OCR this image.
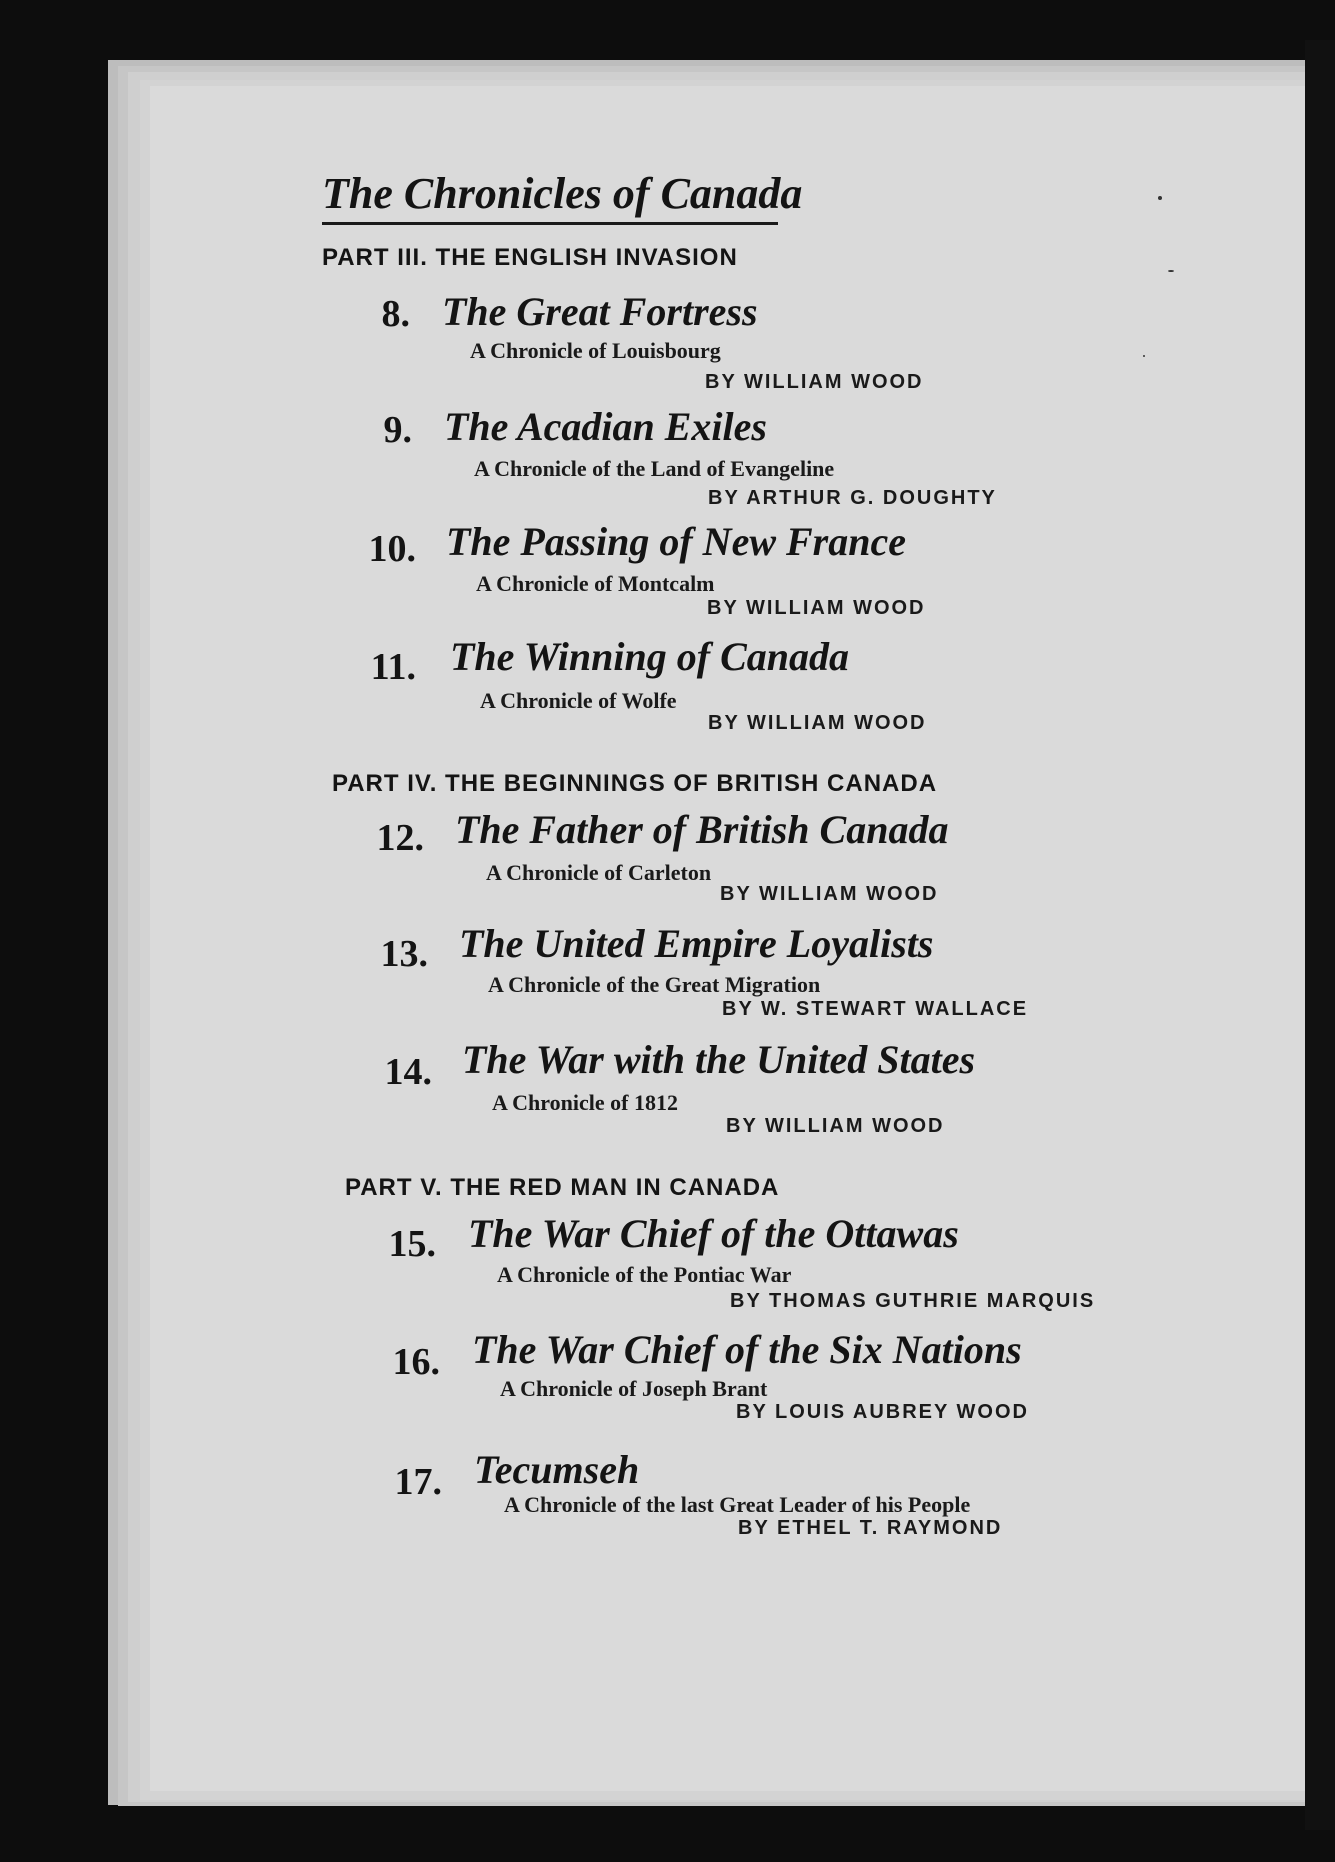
The Chronicles of Canada
PART III. THE ENGLISH INVASION
8. The Great Fortress
A Chronicle of Louisbourg
BY WILLIAM WOOD
9. The Acadian Exiles
A Chronicle of the Land of Evangeline
BY ARTHUR G. DOUGHTY
10. The Passing of New France
A Chronicle of Montcalm
BY WILLIAM WOOD
11. The Winning of Canada
A Chronicle of Wolfe
BY WILLIAM WOOD
PART IV. THE BEGINNINGS OF BRITISH CANADA
12. The Father of British Canada
A Chronicle of Carleton
BY WILLIAM WOOD
13. The United Empire Loyalists
A Chronicle of the Great Migration
BY W. STEWART WALLACE
14. The War with the United States
A Chronicle of 1812
BY WILLIAM WOOD
PART V. THE RED MAN IN CANADA
15. The War Chief of the Ottawas
A Chronicle of the Pontiac War
BY THOMAS GUTHRIE MARQUIS
16. The War Chief of the Six Nations
A Chronicle of Joseph Brant
BY LOUIS AUBREY WOOD
17. Tecumseh
A Chronicle of the last Great Leader of his People
BY ETHEL T. RAYMOND
